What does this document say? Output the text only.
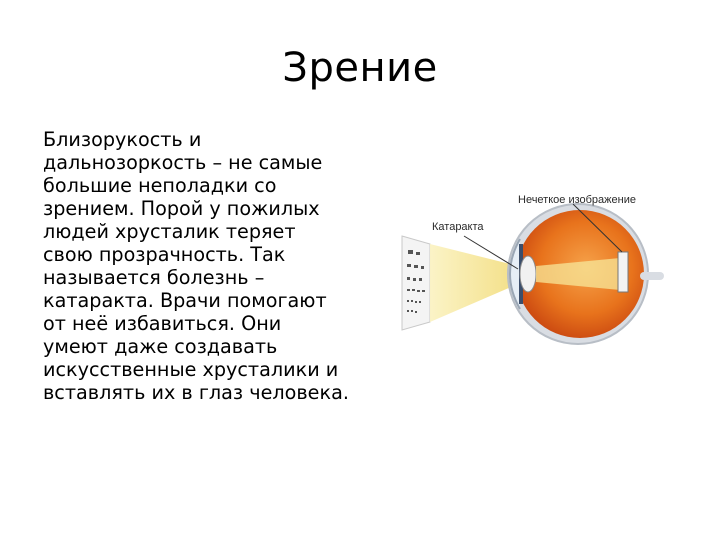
Зрение
Близорукость и
дальнозоркость – не самые
большие неполадки со
зрением. Порой у пожилых
людей хрусталик теряет
свою прозрачность. Так
называется болезнь –
катаракта. Врачи помогают
от неё избавиться. Они
умеют даже создавать
искусственные хрусталики и
вставлять их в глаз человека.
Нечеткое изображение
Катаракта
